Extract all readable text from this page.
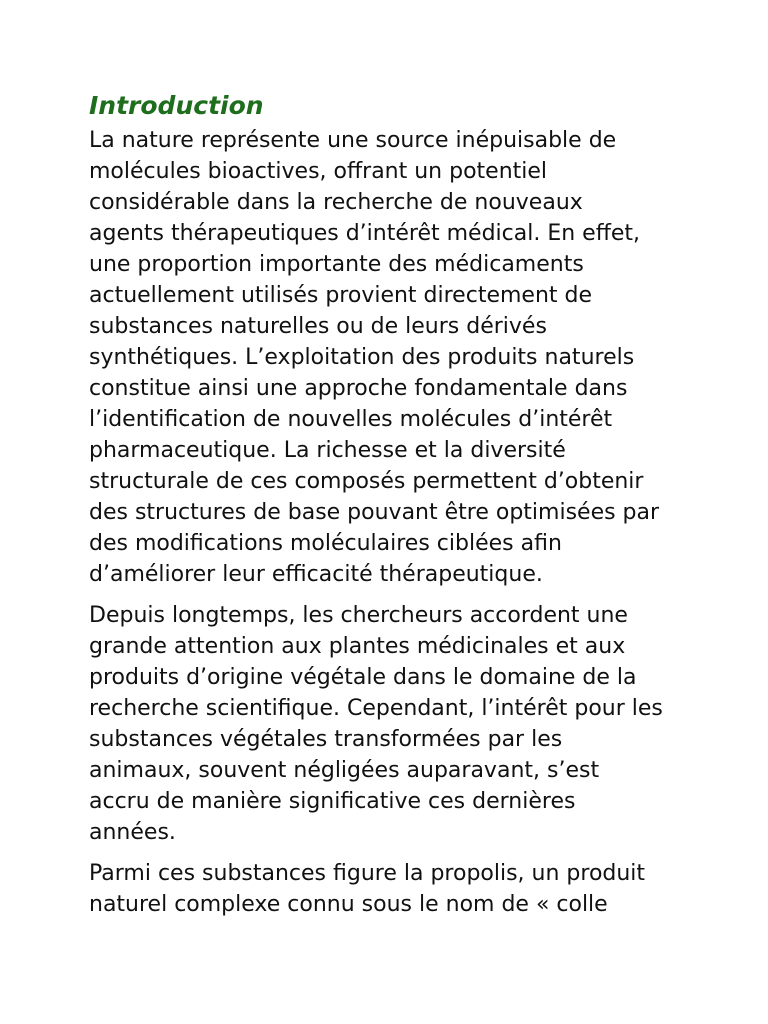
Introduction

La nature représente une source inépuisable de
molécules bioactives, offrant un potentiel
considérable dans la recherche de nouveaux
agents thérapeutiques d’intérêt médical. En effet,
une proportion importante des médicaments
actuellement utilisés provient directement de
substances naturelles ou de leurs dérivés
synthétiques. L’exploitation des produits naturels
constitue ainsi une approche fondamentale dans
l’identification de nouvelles molécules d’intérêt
pharmaceutique. La richesse et la diversité
structurale de ces composés permettent d’obtenir
des structures de base pouvant être optimisées par
des modifications moléculaires ciblées afin
d’améliorer leur efficacité thérapeutique.

Depuis longtemps, les chercheurs accordent une
grande attention aux plantes médicinales et aux
produits d’origine végétale dans le domaine de la
recherche scientifique. Cependant, l’intérêt pour les
substances végétales transformées par les
animaux, souvent négligées auparavant, s’est
accru de manière significative ces dernières
années.

Parmi ces substances figure la propolis, un produit
naturel complexe connu sous le nom de « colle
